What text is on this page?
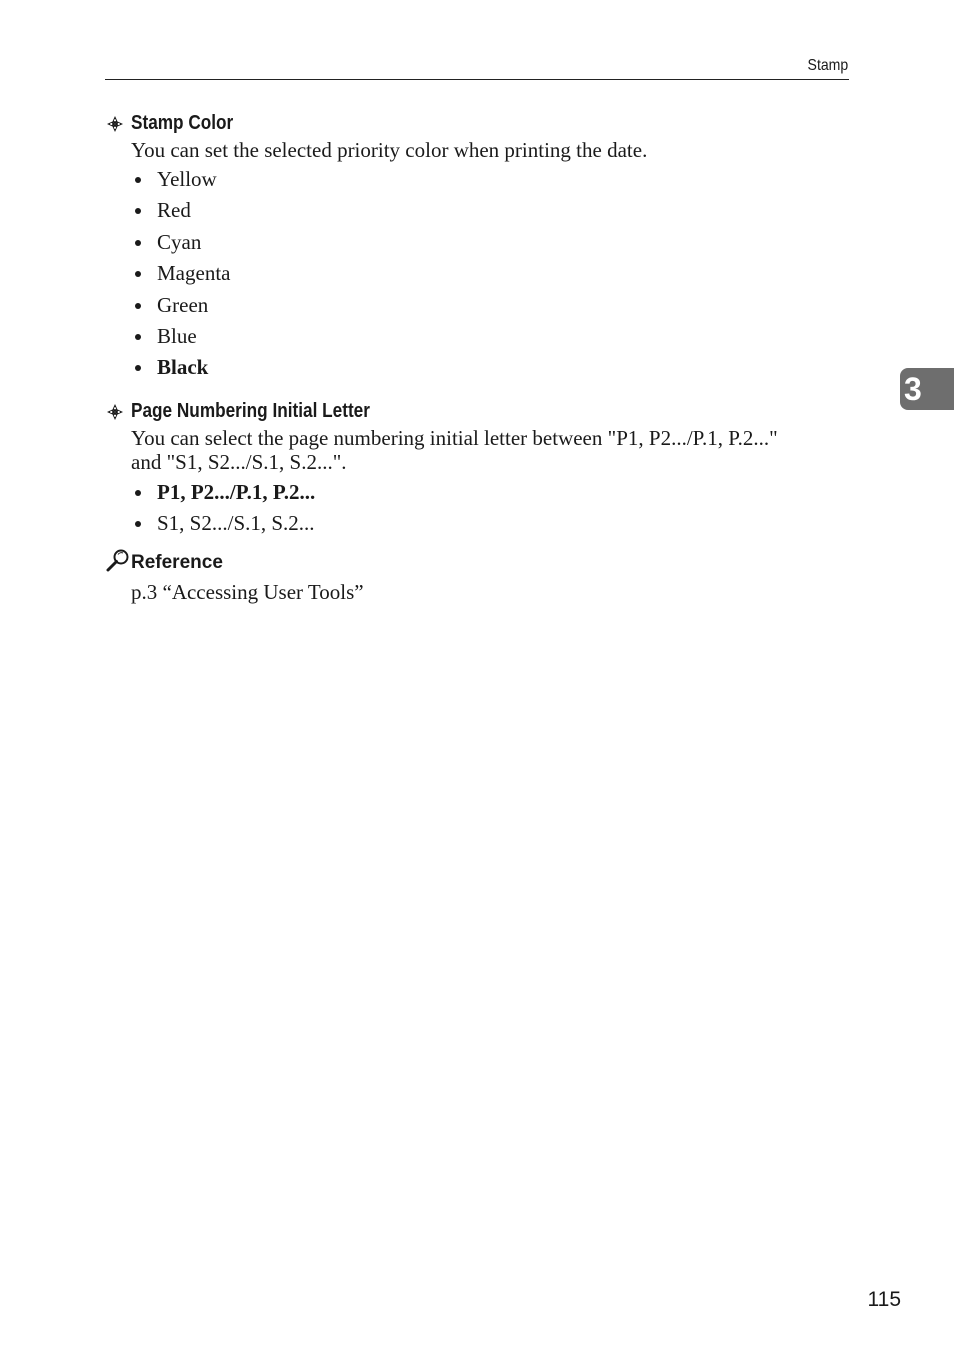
Stamp
3
Stamp Color
You can set the selected priority color when printing the date.
Yellow
Red
Cyan
Magenta
Green
Blue
Black
Page Numbering Initial Letter
You can select the page numbering initial letter between "P1, P2.../P.1, P.2..."
and "S1, S2.../S.1, S.2...".
P1, P2.../P.1, P.2...
S1, S2.../S.1, S.2...
Reference
p.3 “Accessing User Tools”
115
